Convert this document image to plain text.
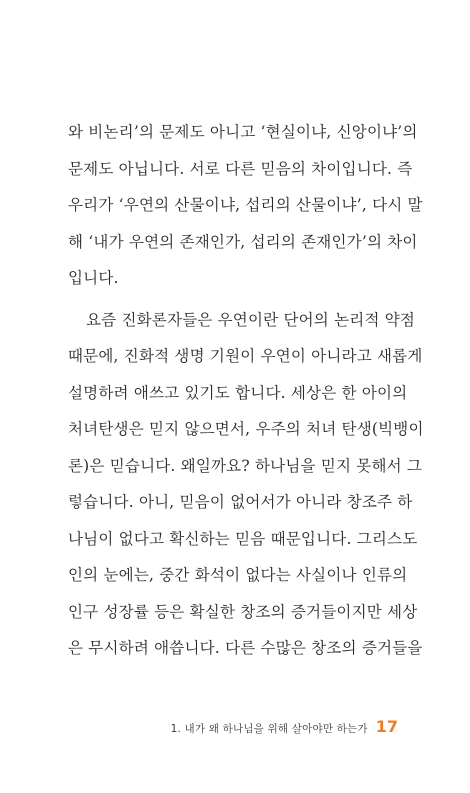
와 비논리’의 문제도 아니고 ‘현실이냐, 신앙이냐’의
문제도 아닙니다. 서로 다른 믿음의 차이입니다. 즉
우리가 ‘우연의 산물이냐, 섭리의 산물이냐’, 다시 말
해 ‘내가 우연의 존재인가, 섭리의 존재인가’의 차이
입니다.
요즘 진화론자들은 우연이란 단어의 논리적 약점
때문에, 진화적 생명 기원이 우연이 아니라고 새롭게
설명하려 애쓰고 있기도 합니다. 세상은 한 아이의
처녀탄생은 믿지 않으면서, 우주의 처녀 탄생(빅뱅이
론)은 믿습니다. 왜일까요? 하나님을 믿지 못해서 그
렇습니다. 아니, 믿음이 없어서가 아니라 창조주 하
나님이 없다고 확신하는 믿음 때문입니다. 그리스도
인의 눈에는, 중간 화석이 없다는 사실이나 인류의
인구 성장률 등은 확실한 창조의 증거들이지만 세상
은 무시하려 애씁니다. 다른 수많은 창조의 증거들을
1. 내가 왜 하나님을 위해 살아야만 하는가 17
